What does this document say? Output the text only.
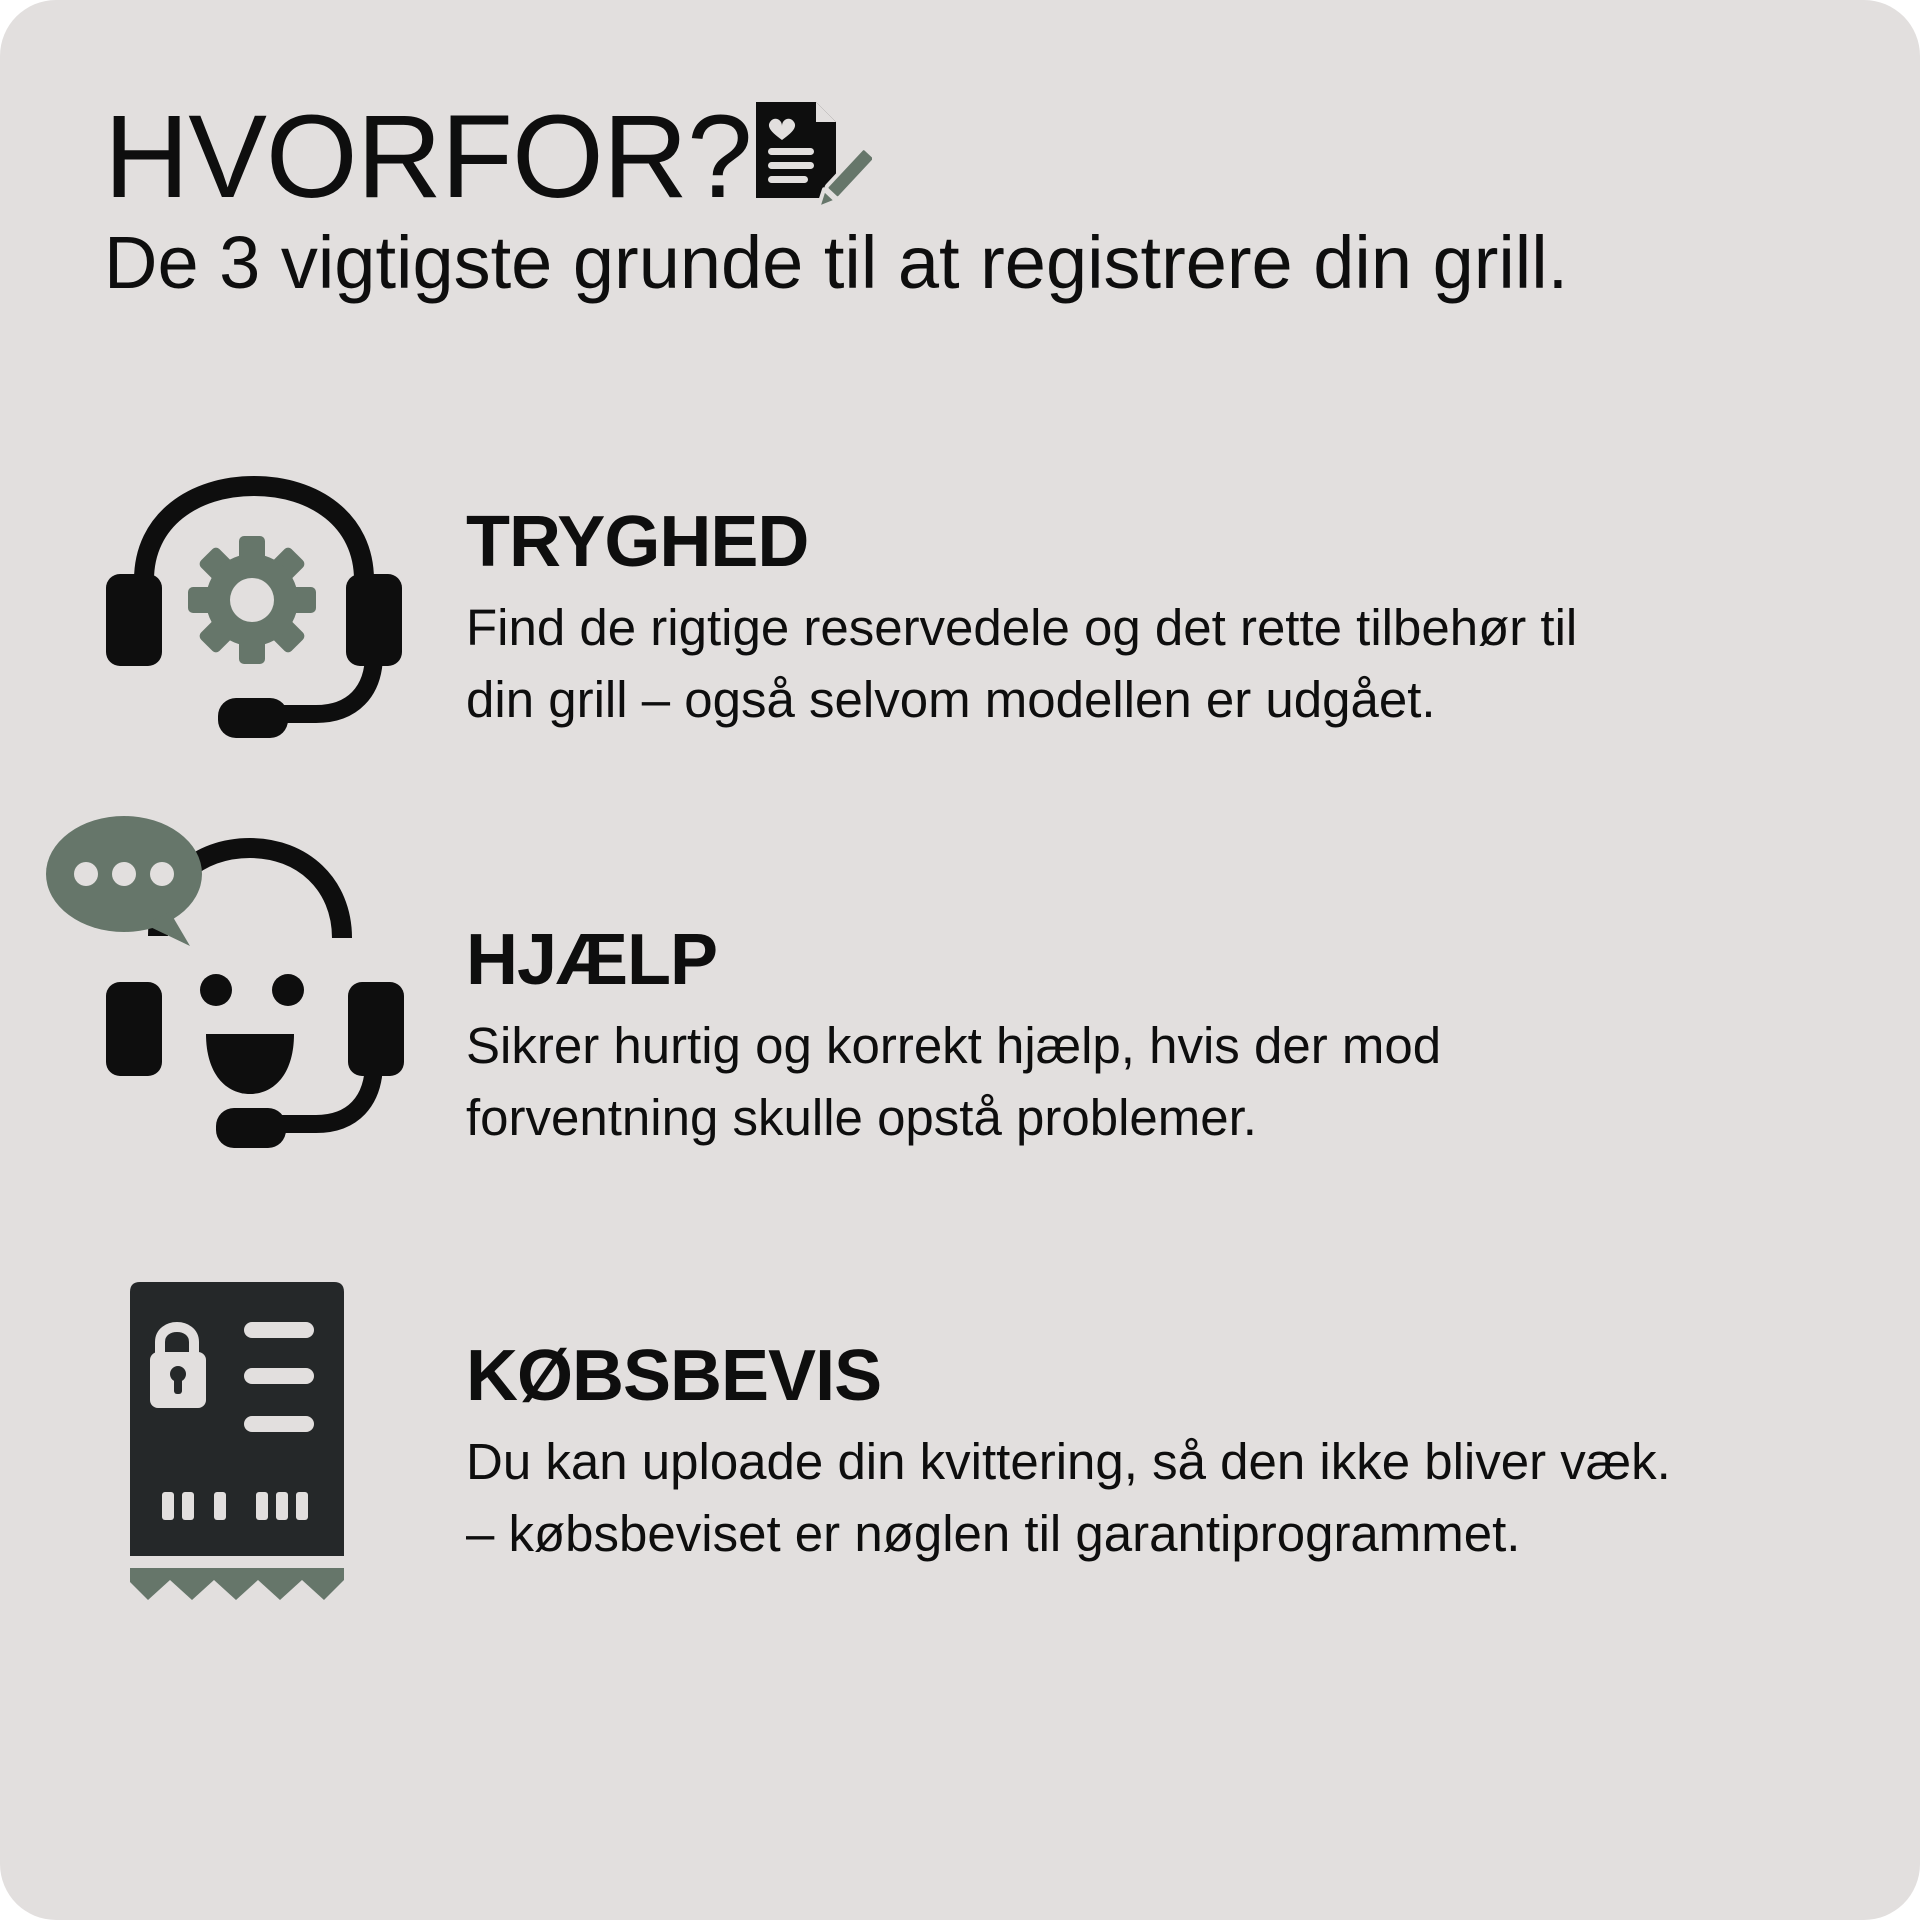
HVORFOR?

De 3 vigtigste grunde til at registrere din grill.

TRYGHED

Find de rigtige reservedele og det rette tilbehør til
din grill – også selvom modellen er udgået.

HJÆLP

Sikrer hurtig og korrekt hjælp, hvis der mod
forventning skulle opstå problemer.

KØBSBEVIS

Du kan uploade din kvittering, så den ikke bliver væk.
– købsbeviset er nøglen til garantiprogrammet.
